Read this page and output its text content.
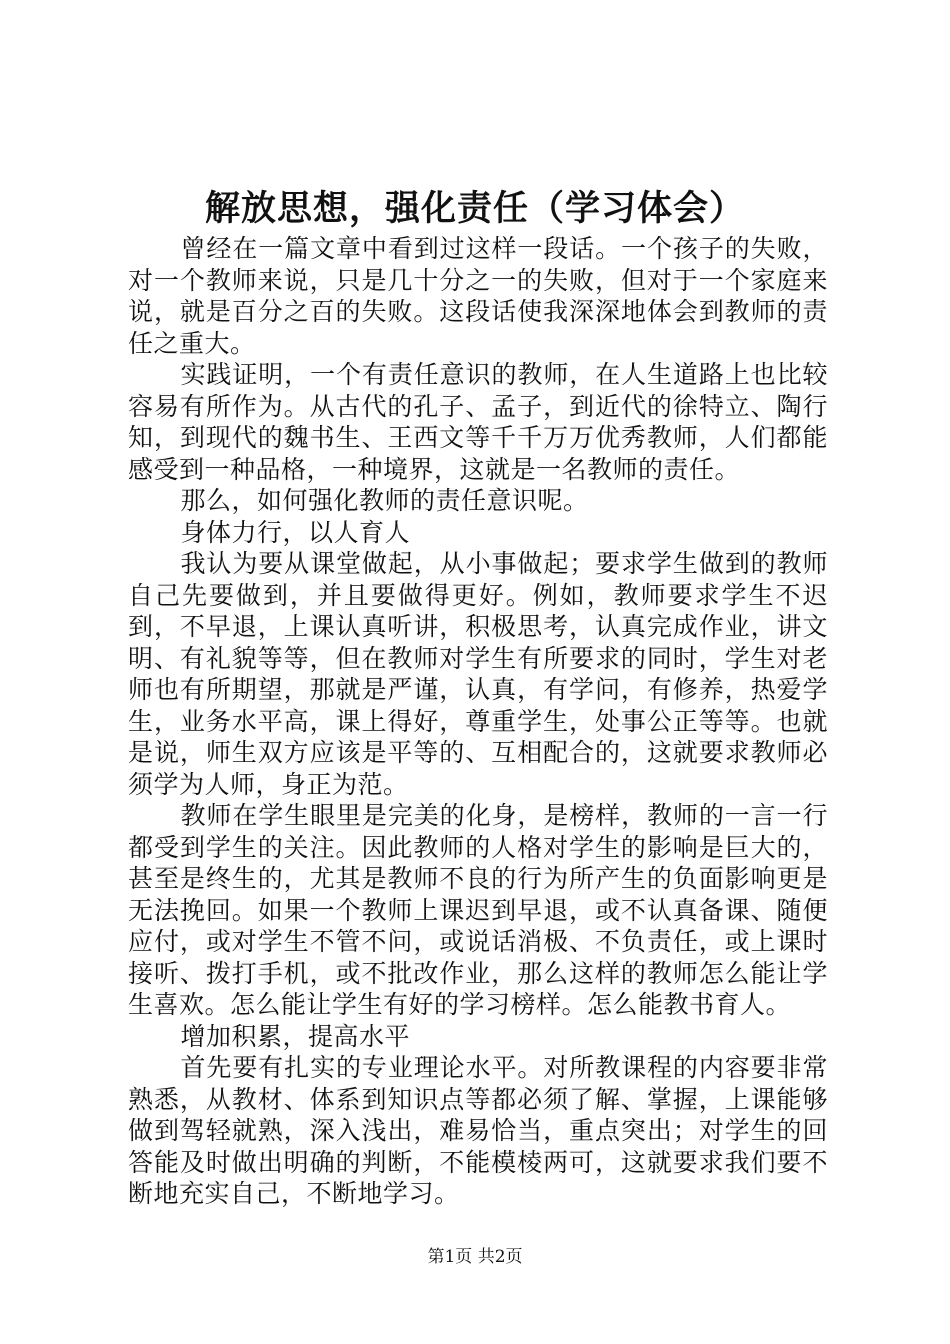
解放思想，强化责任（学习体会）

曾经在一篇文章中看到过这样一段话。一个孩子的失败，对一个教师来说，只是几十分之一的失败，但对于一个家庭来说，就是百分之百的失败。这段话使我深深地体会到教师的责任之重大。

实践证明，一个有责任意识的教师，在人生道路上也比较容易有所作为。从古代的孔子、孟子，到近代的徐特立、陶行知，到现代的魏书生、王西文等千千万万优秀教师，人们都能感受到一种品格，一种境界，这就是一名教师的责任。

那么，如何强化教师的责任意识呢。

身体力行，以人育人

我认为要从课堂做起，从小事做起；要求学生做到的教师自己先要做到，并且要做得更好。例如，教师要求学生不迟到，不早退，上课认真听讲，积极思考，认真完成作业，讲文明、有礼貌等等，但在教师对学生有所要求的同时，学生对老师也有所期望，那就是严谨，认真，有学问，有修养，热爱学生，业务水平高，课上得好，尊重学生，处事公正等等。也就是说，师生双方应该是平等的、互相配合的，这就要求教师必须学为人师，身正为范。

教师在学生眼里是完美的化身，是榜样，教师的一言一行都受到学生的关注。因此教师的人格对学生的影响是巨大的，甚至是终生的，尤其是教师不良的行为所产生的负面影响更是无法挽回。如果一个教师上课迟到早退，或不认真备课、随便应付，或对学生不管不问，或说话消极、不负责任，或上课时接听、拨打手机，或不批改作业，那么这样的教师怎么能让学生喜欢。怎么能让学生有好的学习榜样。怎么能教书育人。

增加积累，提高水平

首先要有扎实的专业理论水平。对所教课程的内容要非常熟悉，从教材、体系到知识点等都必须了解、掌握，上课能够做到驾轻就熟，深入浅出，难易恰当，重点突出；对学生的回答能及时做出明确的判断，不能模棱两可，这就要求我们要不断地充实自己，不断地学习。

第1页 共2页
